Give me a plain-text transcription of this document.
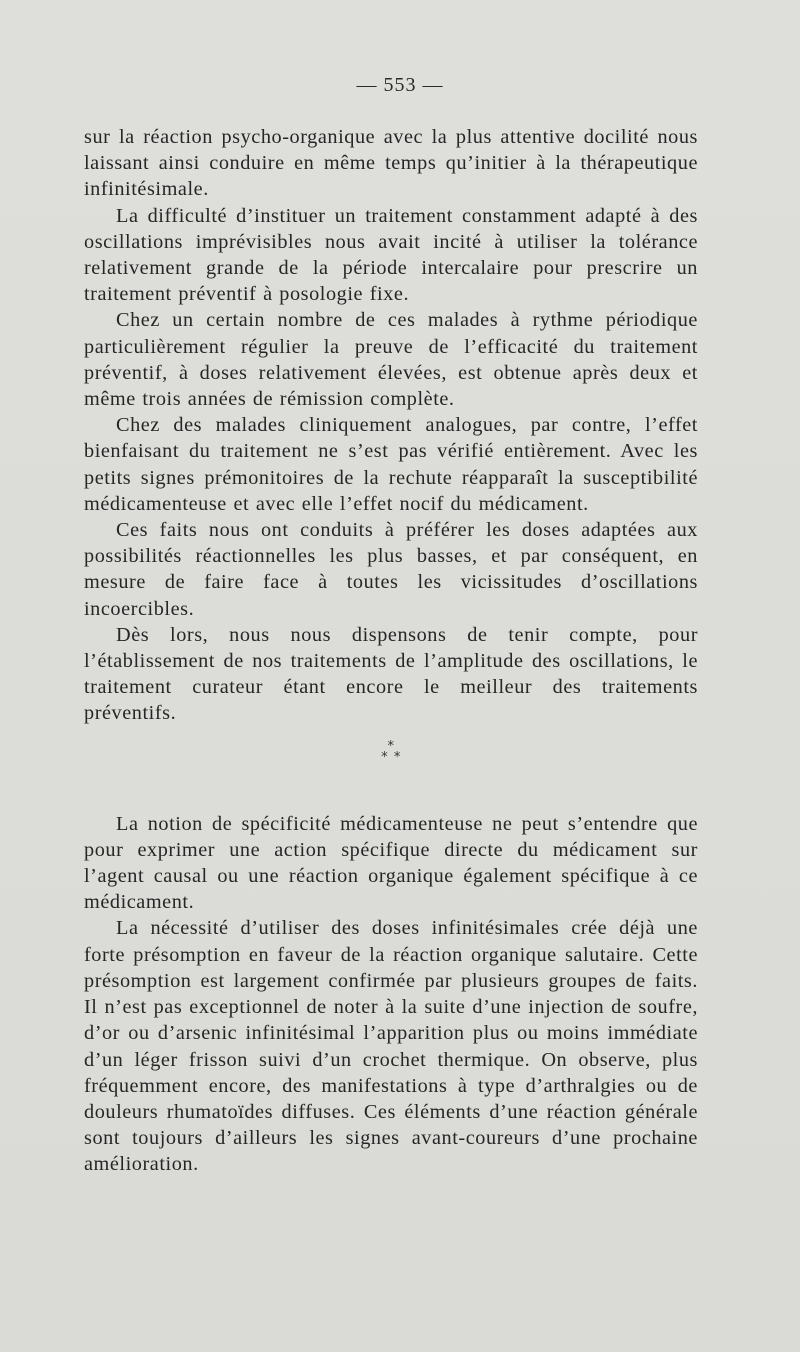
— 553 —

sur la réaction psycho-organique avec la plus attentive docilité nous laissant ainsi conduire en même temps qu’initier à la thérapeutique infinitésimale.

La difficulté d’instituer un traitement constamment adapté à des oscillations imprévisibles nous avait incité à utiliser la tolérance relativement grande de la période intercalaire pour prescrire un traitement préventif à posologie fixe.

Chez un certain nombre de ces malades à rythme périodique particulièrement régulier la preuve de l’efficacité du traitement préventif, à doses relativement élevées, est obtenue après deux et même trois années de rémission complète.

Chez des malades cliniquement analogues, par contre, l’effet bienfaisant du traitement ne s’est pas vérifié entièrement. Avec les petits signes prémonitoires de la rechute réapparaît la susceptibilité médicamenteuse et avec elle l’effet nocif du médicament.

Ces faits nous ont conduits à préférer les doses adaptées aux possibilités réactionnelles les plus basses, et par conséquent, en mesure de faire face à toutes les vicissitudes d’oscillations incoercibles.

Dès lors, nous nous dispensons de tenir compte, pour l’établissement de nos traitements de l’amplitude des oscillations, le traitement curateur étant encore le meilleur des traitements préventifs.

*
* *

La notion de spécificité médicamenteuse ne peut s’entendre que pour exprimer une action spécifique directe du médicament sur l’agent causal ou une réaction organique également spécifique à ce médicament.

La nécessité d’utiliser des doses infinitésimales crée déjà une forte présomption en faveur de la réaction organique salutaire. Cette présomption est largement confirmée par plusieurs groupes de faits. Il n’est pas exceptionnel de noter à la suite d’une injection de soufre, d’or ou d’arsenic infinitésimal l’apparition plus ou moins immédiate d’un léger frisson suivi d’un crochet thermique. On observe, plus fréquemment encore, des manifestations à type d’arthralgies ou de douleurs rhumatoïdes diffuses. Ces éléments d’une réaction générale sont toujours d’ailleurs les signes avant-coureurs d’une prochaine amélioration.
